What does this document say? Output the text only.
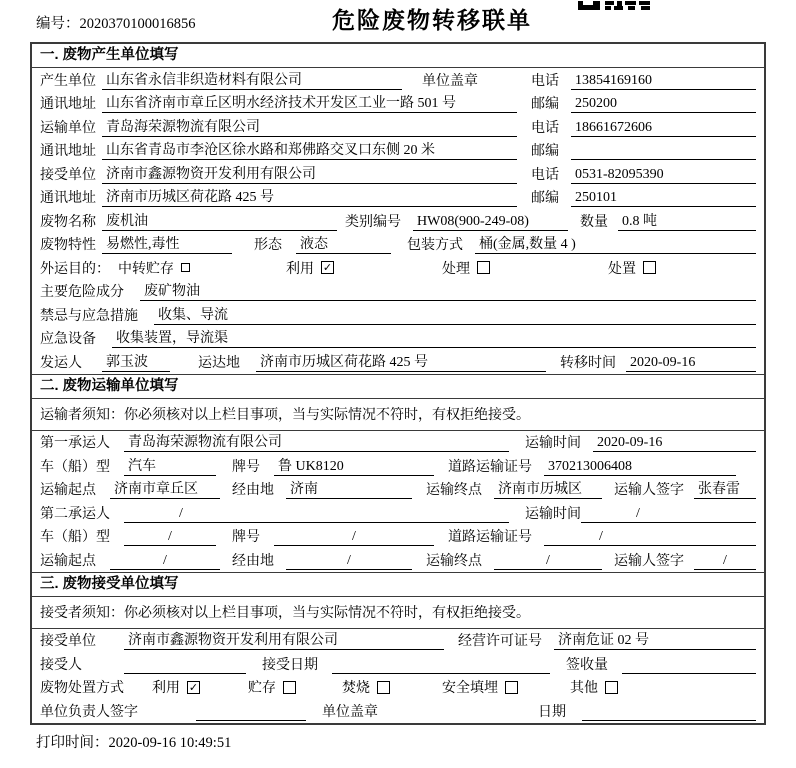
编号：2020370100016856	危险废物转移联单
一. 废物产生单位填写
产生单位 山东省永信非织造材料有限公司	单位盖章	电话	13854169160
通讯地址 山东省济南市章丘区明水经济技术开发区工业一路 501 号	邮编	250200
运输单位 青岛海荣源物流有限公司	电话	18661672606
通讯地址 山东省青岛市李沧区徐水路和郑佛路交叉口东侧 20 米	邮编
接受单位 济南市鑫源物资开发利用有限公司	电话	0531-82095390
通讯地址 济南市历城区荷花路 425 号	邮编	250101
废物名称 废机油	类别编号 HW08(900-249-08)	数量 0.8 吨
废物特性 易燃性,毒性	形态 液态	包装方式 桶(金属,数量 4 )
外运目的： 中转贮存	利用 ✓	处理	处置
主要危险成分	废矿物油
禁忌与应急措施	收集、导流
应急设备	收集装置，导流渠
发运人	郭玉波	运达地 济南市历城区荷花路 425 号	转移时间 2020-09-16
二. 废物运输单位填写
运输者须知： 你必须核对以上栏目事项，当与实际情况不符时，有权拒绝接受。
第一承运人	青岛海荣源物流有限公司	运输时间 2020-09-16
车（船）型	汽车	牌号 鲁 UK8120	道路运输证号 370213006408
运输起点	济南市章丘区	经由地 济南	运输终点 济南市历城区	运输人签字 张春雷
第二承运人	/	运输时间	/
车（船）型	/	牌号	/	道路运输证号	/
运输起点	/	经由地	/	运输终点	/	运输人签字	/
三. 废物接受单位填写
接受者须知： 你必须核对以上栏目事项，当与实际情况不符时，有权拒绝接受。
接受单位	济南市鑫源物资开发利用有限公司	经营许可证号 济南危证 02 号
接受人	接受日期	签收量
废物处置方式 利用 ✓	贮存	焚烧	安全填埋	其他
单位负责人签字	单位盖章	日期
打印时间：2020-09-16 10:49:51
